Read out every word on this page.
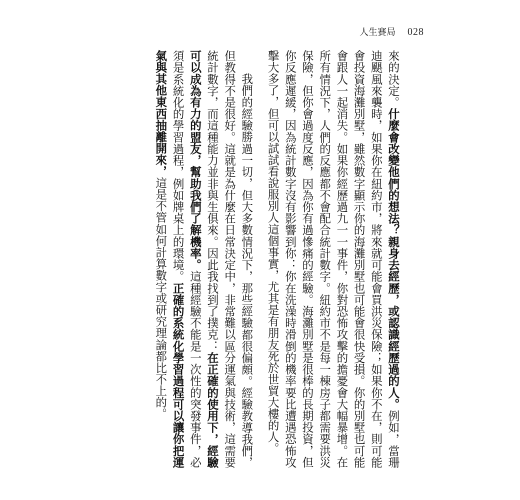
人生賽局 028

來的決定。什麼會改變他們的想法？親身去經歷，或認識經歷過的人。例如，當珊迪颶風來襲時，如果你在紐約市，將來就可能會買洪災保險；如果你不在，則可能會投資海灘別墅，雖然數字顯示你的海灘別墅也可能會很快受損。你的別墅也可能會跟人一起消失。如果你經歷過九一一事件，你對恐怖攻擊的擔憂會大幅暴增。在所有情況下，人們的反應都不會配合統計數字。紐約市不是每一棟房子都需要洪災保險，但你會過度反應，因為你有過慘痛的經驗。海灘別墅是很棒的長期投資，但你反應遲緩，因為統計數字沒有影響到你：你在洗澡時滑倒的機率要比遭遇恐怖攻擊大多了，但可以試試看說服別人這個事實，尤其是有朋友死於世貿大樓的人。

我們的經驗勝過一切，但大多數情況下，那些經驗都很偏頗。經驗教導我們，但教得不是很好。這就是為什麼在日常決定中，非常難以區分運氣與技術，這需要統計數字，而這種能力並非與生俱來。因此我找到了撲克：在正確的使用下，經驗可以成為有力的盟友，幫助我們了解機率。這種經驗不能是一次性的突發事件，必須是系統化的學習過程，例如牌桌上的環境。正確的系統化學習過程可以讓你把運氣與其他東西抽離開來，這是不管如何計算數字或研究理論都比不上的。
